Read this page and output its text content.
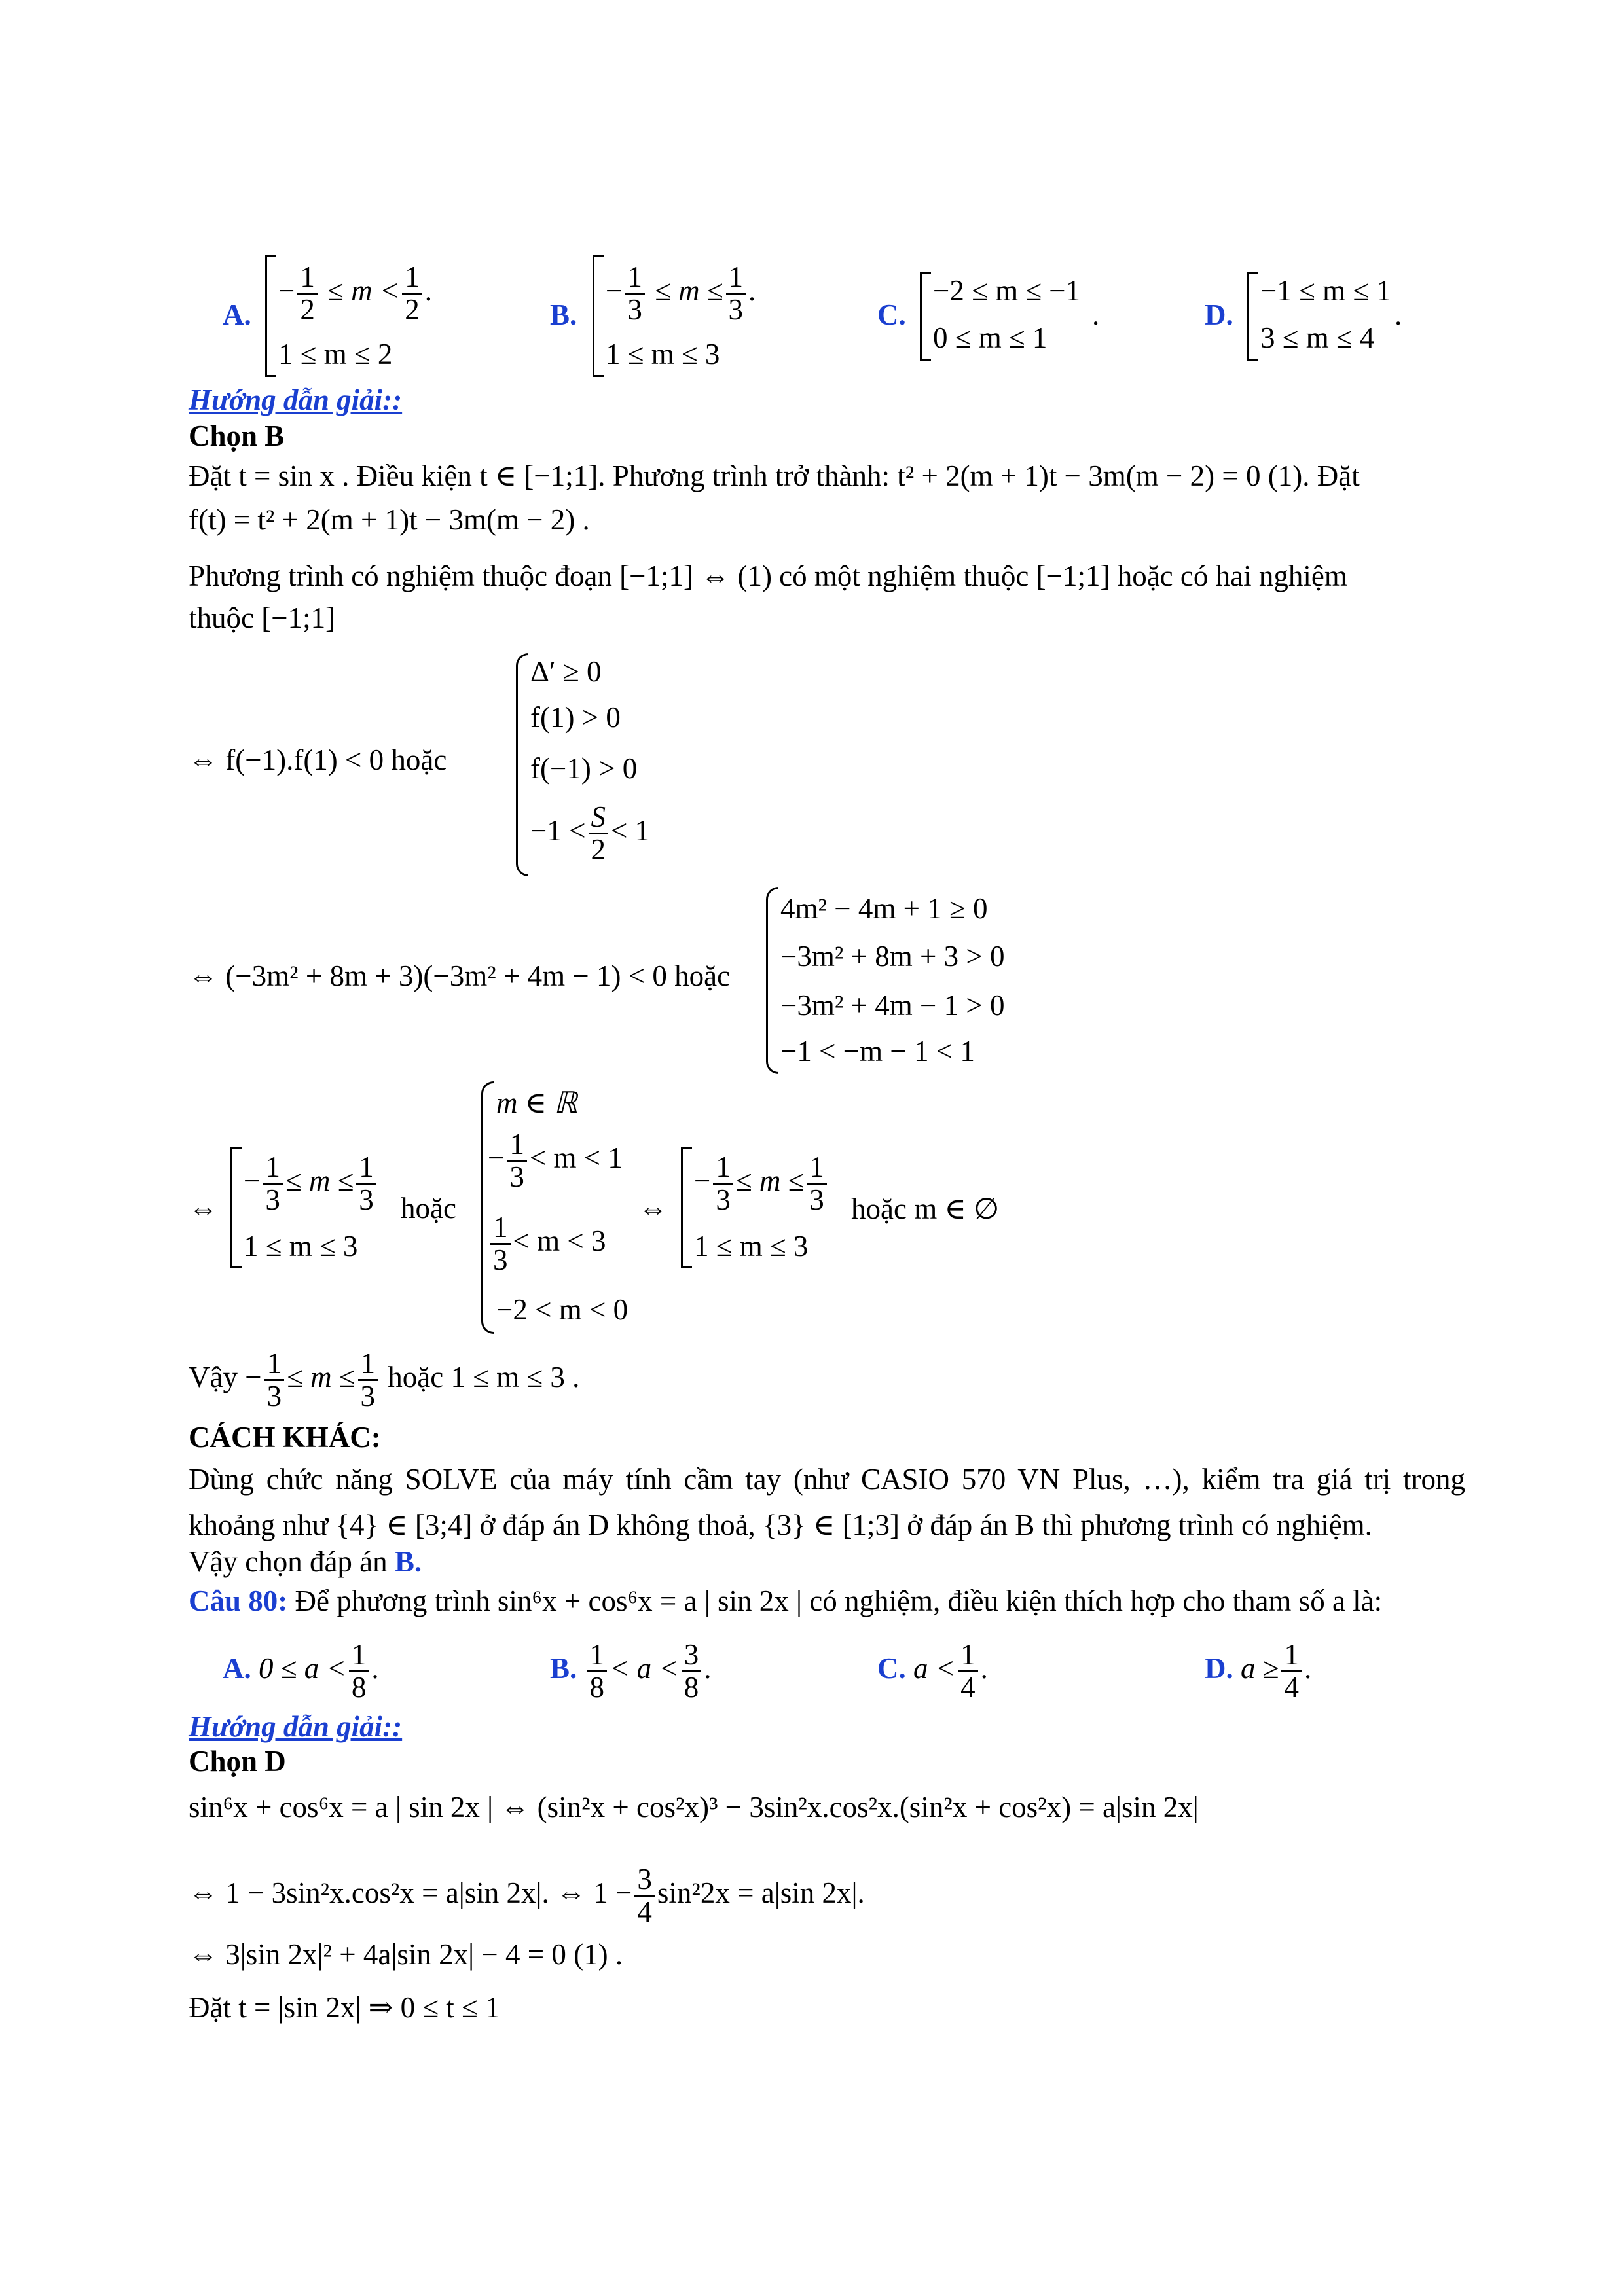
A.
− $\frac{1}{2} \le m < \frac{1}{2}$ .
1 ≤ m ≤ 2
B.
− $\frac{1}{3} \le m \le \frac{1}{3}$ .
1 ≤ m ≤ 3
C.
−2 ≤ m ≤ −1
0 ≤ m ≤ 1
.	D.
−1 ≤ m ≤ 1
3 ≤ m ≤ 4
.
Hướng dẫn giải::
Chọn B
Đặt t = sin x . Điều kiện t ∈ [−1;1]. Phương trình trở thành: t² + 2(m + 1)t − 3m(m − 2) = 0 (1). Đặt
f(t) = t² + 2(m + 1)t − 3m(m − 2) .
Phương trình có nghiệm thuộc đoạn [−1;1] ⇔ (1) có một nghiệm thuộc [−1;1] hoặc có hai nghiệm
thuộc [−1;1]
⇔ f(−1).f(1) < 0 hoặc
Δ′ ≥ 0
f(1) > 0
f(−1) > 0
$-1 < \frac{S}{2} < 1$
⇔ (−3m² + 8m + 3)(−3m² + 4m − 1) < 0 hoặc
4m² − 4m + 1 ≥ 0
−3m² + 8m + 3 > 0
−3m² + 4m − 1 > 0
−1 < −m − 1 < 1
⇔
− $\frac{1}{3} \le m \le \frac{1}{3}$
1 ≤ m ≤ 3
hoặc
m ∈ ℝ
− $\frac{1}{3} < m < 1$
$\frac{1}{3} < m < 3$
−2 < m < 0
⇔
− $\frac{1}{3} \le m \le \frac{1}{3}$
1 ≤ m ≤ 3
hoặc m ∈ ∅
Vậy − $\frac{1}{3} \le m \le \frac{1}{3}$ hoặc 1 ≤ m ≤ 3 .
CÁCH KHÁC:
Dùng chức năng SOLVE của máy tính cầm tay (như CASIO 570 VN Plus, …), kiểm tra giá trị trong khoảng như {4} ∈ [3;4] ở đáp án D không thoả, {3} ∈ [1;3] ở đáp án B thì phương trình có nghiệm.
Vậy chọn đáp án B.
Câu 80: Để phương trình sin⁶x + cos⁶x = a | sin 2x | có nghiệm, điều kiện thích hợp cho tham số a là:
A. $0 \le a < \frac{1}{8}$ .	B. $\frac{1}{8} < a < \frac{3}{8}$ .	C. $a < \frac{1}{4}$ .	D. $a \ge \frac{1}{4}$ .
Hướng dẫn giải::
Chọn D
sin⁶x + cos⁶x = a | sin 2x | ⇔ (sin²x + cos²x)³ − 3sin²x.cos²x.(sin²x + cos²x) = a|sin 2x|
⇔ 1 − 3sin²x.cos²x = a|sin 2x|. ⇔ $1 - \frac{3}{4} \sin^22x = a|\sin$ 2x|.
⇔ 3|sin 2x|² + 4a|sin 2x| − 4 = 0 (1) .
Đặt t = |sin 2x| ⇒ 0 ≤ t ≤ 1
